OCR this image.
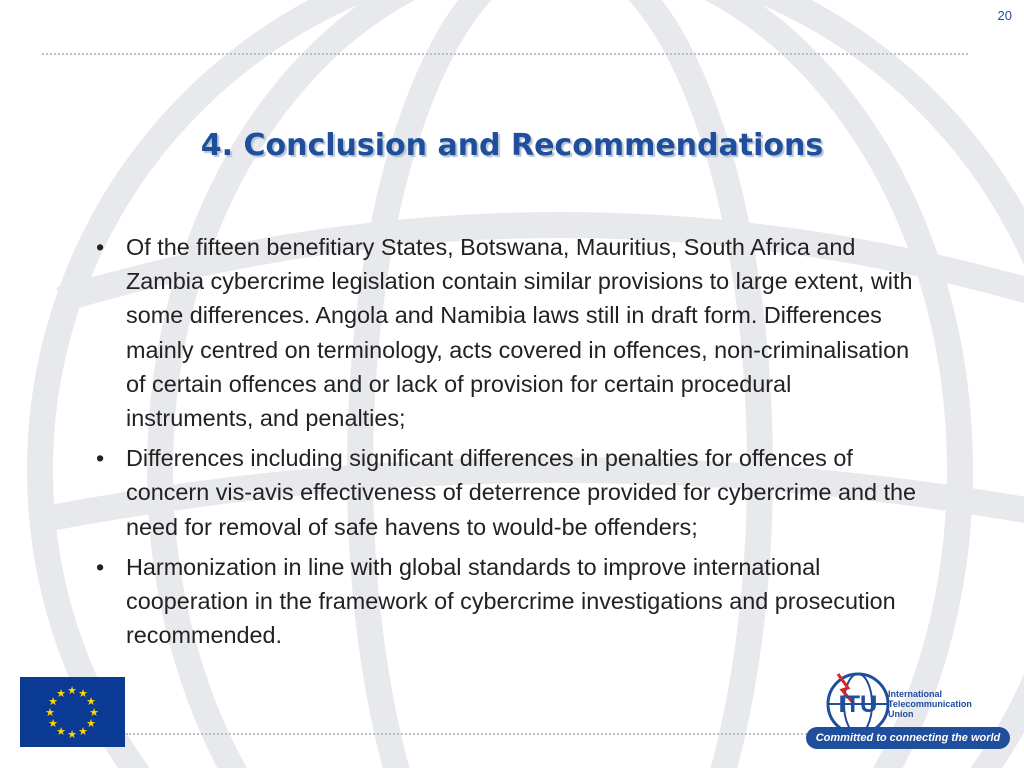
20
4. Conclusion and Recommendations
• Of the fifteen benefitiary States, Botswana, Mauritius, South Africa and Zambia cybercrime legislation contain similar provisions to large extent, with some differences. Angola and Namibia laws still in draft form. Differences mainly centred on terminology, acts covered in offences, non-criminalisation of certain offences and or lack of provision for certain procedural instruments, and penalties;
• Differences including significant differences in penalties for offences of concern vis-avis effectiveness of deterrence provided for cybercrime and the need for removal of safe havens to would-be offenders;
• Harmonization in line with global standards to improve international cooperation in the framework of cybercrime investigations and prosecution recommended.
★ ★
★
★
★
★
★
★
★
★
★
★	ITU International
Telecommunication
Union
Committed to connecting the world
